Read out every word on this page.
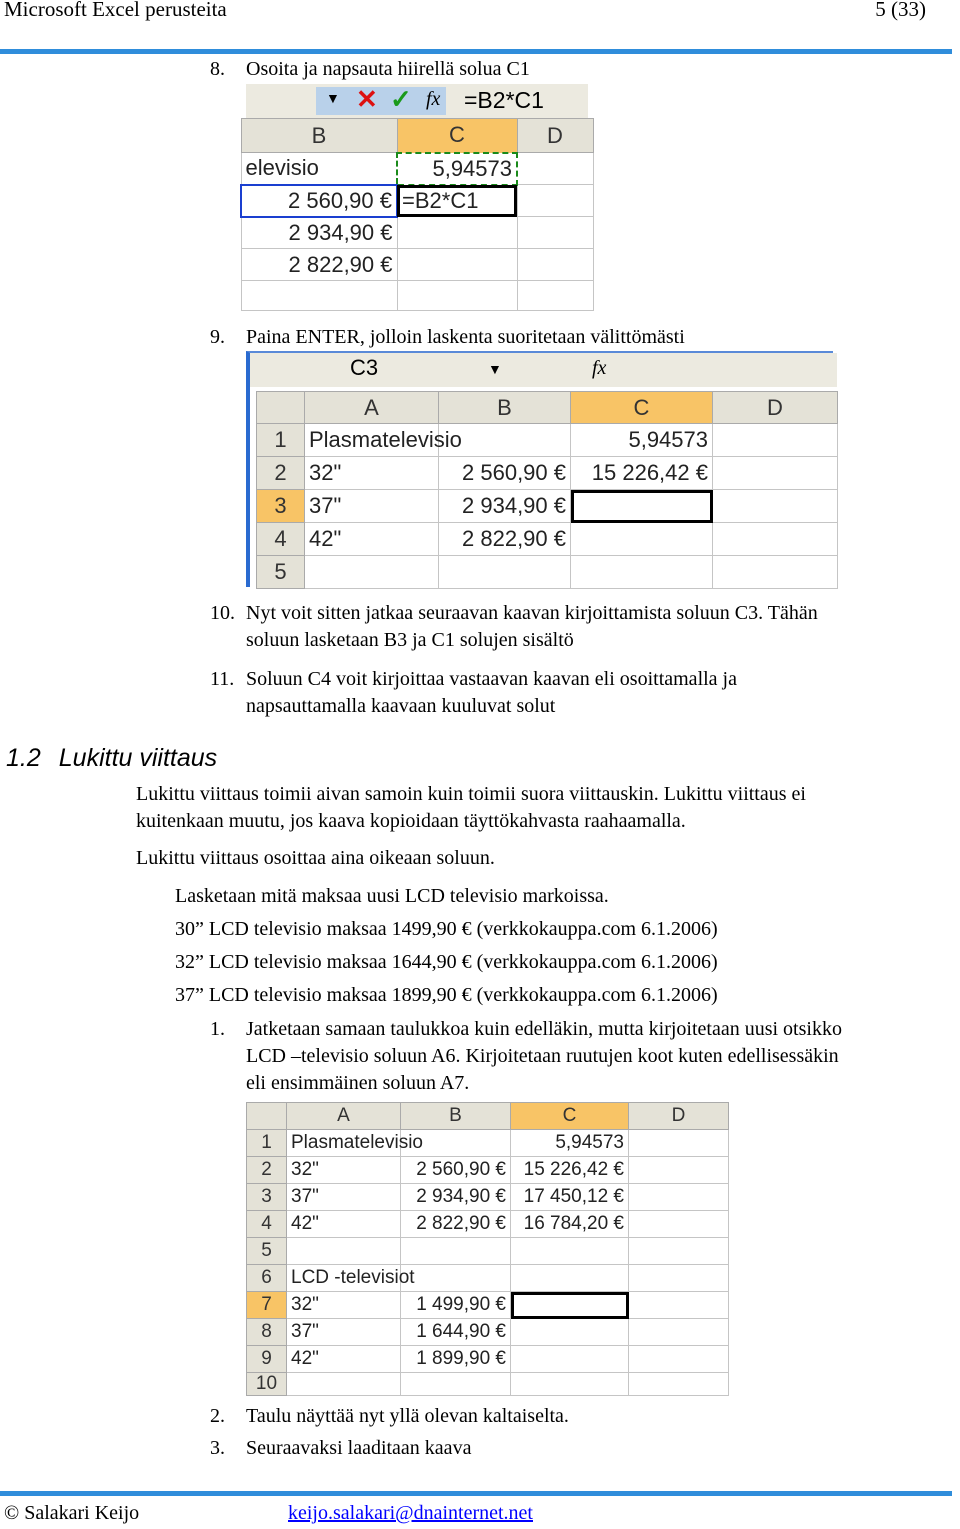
Microsoft Excel perusteita	5 (33)
8. Osoita ja napsauta hiirellä solua C1
▼ ✕ ✓ fx =B2*C1
B	C	D
elevisio	5,94573	
2 560,90 €	=B2*C1	
2 934,90 €		
2 822,90 €		

9. Paina ENTER, jolloin laskenta suoritetaan välittömästi
C3	▼	fx
	A	B	C	D
1	Plasmatelevisio		5,94573	
2	32"	2 560,90 €	15 226,42 €	
3	37"	2 934,90 €		
4	42"	2 822,90 €		
5				
10. Nyt voit sitten jatkaa seuraavan kaavan kirjoittamista soluun C3. Tähän
soluun lasketaan B3 ja C1 solujen sisältö
11. Soluun C4 voit kirjoittaa vastaavan kaavan eli osoittamalla ja
napsauttamalla kaavaan kuuluvat solut
1.2 Lukittu viittaus
Lukittu viittaus toimii aivan samoin kuin toimii suora viittauskin. Lukittu viittaus ei
kuitenkaan muutu, jos kaava kopioidaan täyttökahvasta raahaamalla.
Lukittu viittaus osoittaa aina oikeaan soluun.
Lasketaan mitä maksaa uusi LCD televisio markoissa.
30” LCD televisio maksaa 1499,90 € (verkkokauppa.com 6.1.2006)
32” LCD televisio maksaa 1644,90 € (verkkokauppa.com 6.1.2006)
37” LCD televisio maksaa 1899,90 € (verkkokauppa.com 6.1.2006)
1. Jatketaan samaan taulukkoa kuin edelläkin, mutta kirjoitetaan uusi otsikko
LCD –televisio soluun A6. Kirjoitetaan ruutujen koot kuten edellisessäkin
eli ensimmäinen soluun A7.
	A	B	C	D
1	Plasmatelevisio		5,94573	
2	32"	2 560,90 €	15 226,42 €	
3	37"	2 934,90 €	17 450,12 €	
4	42"	2 822,90 €	16 784,20 €	
5				
6	LCD -televisiot			
7	32"	1 499,90 €		
8	37"	1 644,90 €		
9	42"	1 899,90 €		
10				
2. Taulu näyttää nyt yllä olevan kaltaiselta.
3. Seuraavaksi laaditaan kaava
© Salakari Keijo	keijo.salakari@dnainternet.net
